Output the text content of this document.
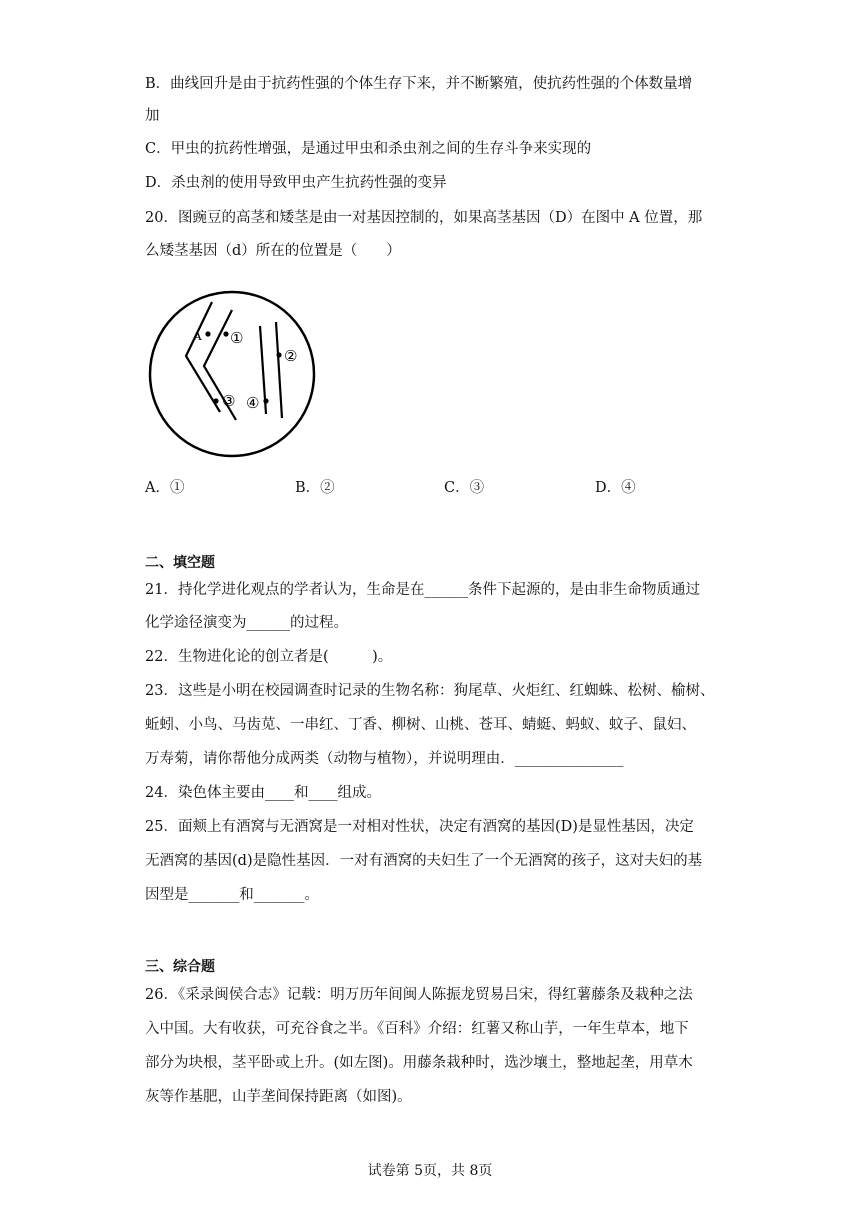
B．曲线回升是由于抗药性强的个体生存下来，并不断繁殖，使抗药性强的个体数量增
加
C．甲虫的抗药性增强，是通过甲虫和杀虫剂之间的生存斗争来实现的
D．杀虫剂的使用导致甲虫产生抗药性强的变异
20．图豌豆的高茎和矮茎是由一对基因控制的，如果高茎基因（D）在图中 A 位置，那
么矮茎基因（d）所在的位置是（　　）
A ①
②
③ ④
A．①	B．②	C．③	D．④
二、填空题
21．持化学进化观点的学者认为，生命是在______条件下起源的，是由非生命物质通过
化学途径演变为______的过程。
22．生物进化论的创立者是(　　　)。
23．这些是小明在校园调查时记录的生物名称：狗尾草、火炬红、红蜘蛛、松树、榆树、
蚯蚓、小鸟、马齿苋、一串红、丁香、柳树、山桃、苍耳、蜻蜓、蚂蚁、蚊子、鼠妇、
万寿菊，请你帮他分成两类（动物与植物），并说明理由．_______________
24．染色体主要由____和____组成。
25．面颊上有酒窝与无酒窝是一对相对性状，决定有酒窝的基因(D)是显性基因，决定
无酒窝的基因(d)是隐性基因．一对有酒窝的夫妇生了一个无酒窝的孩子，这对夫妇的基
因型是_______和_______。
三、综合题
26．《采录闽侯合志》记载：明万历年间闽人陈振龙贸易吕宋，得红薯藤条及栽种之法
入中国。大有收获，可充谷食之半。《百科》介绍：红薯又称山芋，一年生草本，地下
部分为块根，茎平卧或上升。(如左图)。用藤条栽种时，选沙壤土，整地起垄，用草木
灰等作基肥，山芋垄间保持距离（如图)。
试卷第 5页，共 8页
